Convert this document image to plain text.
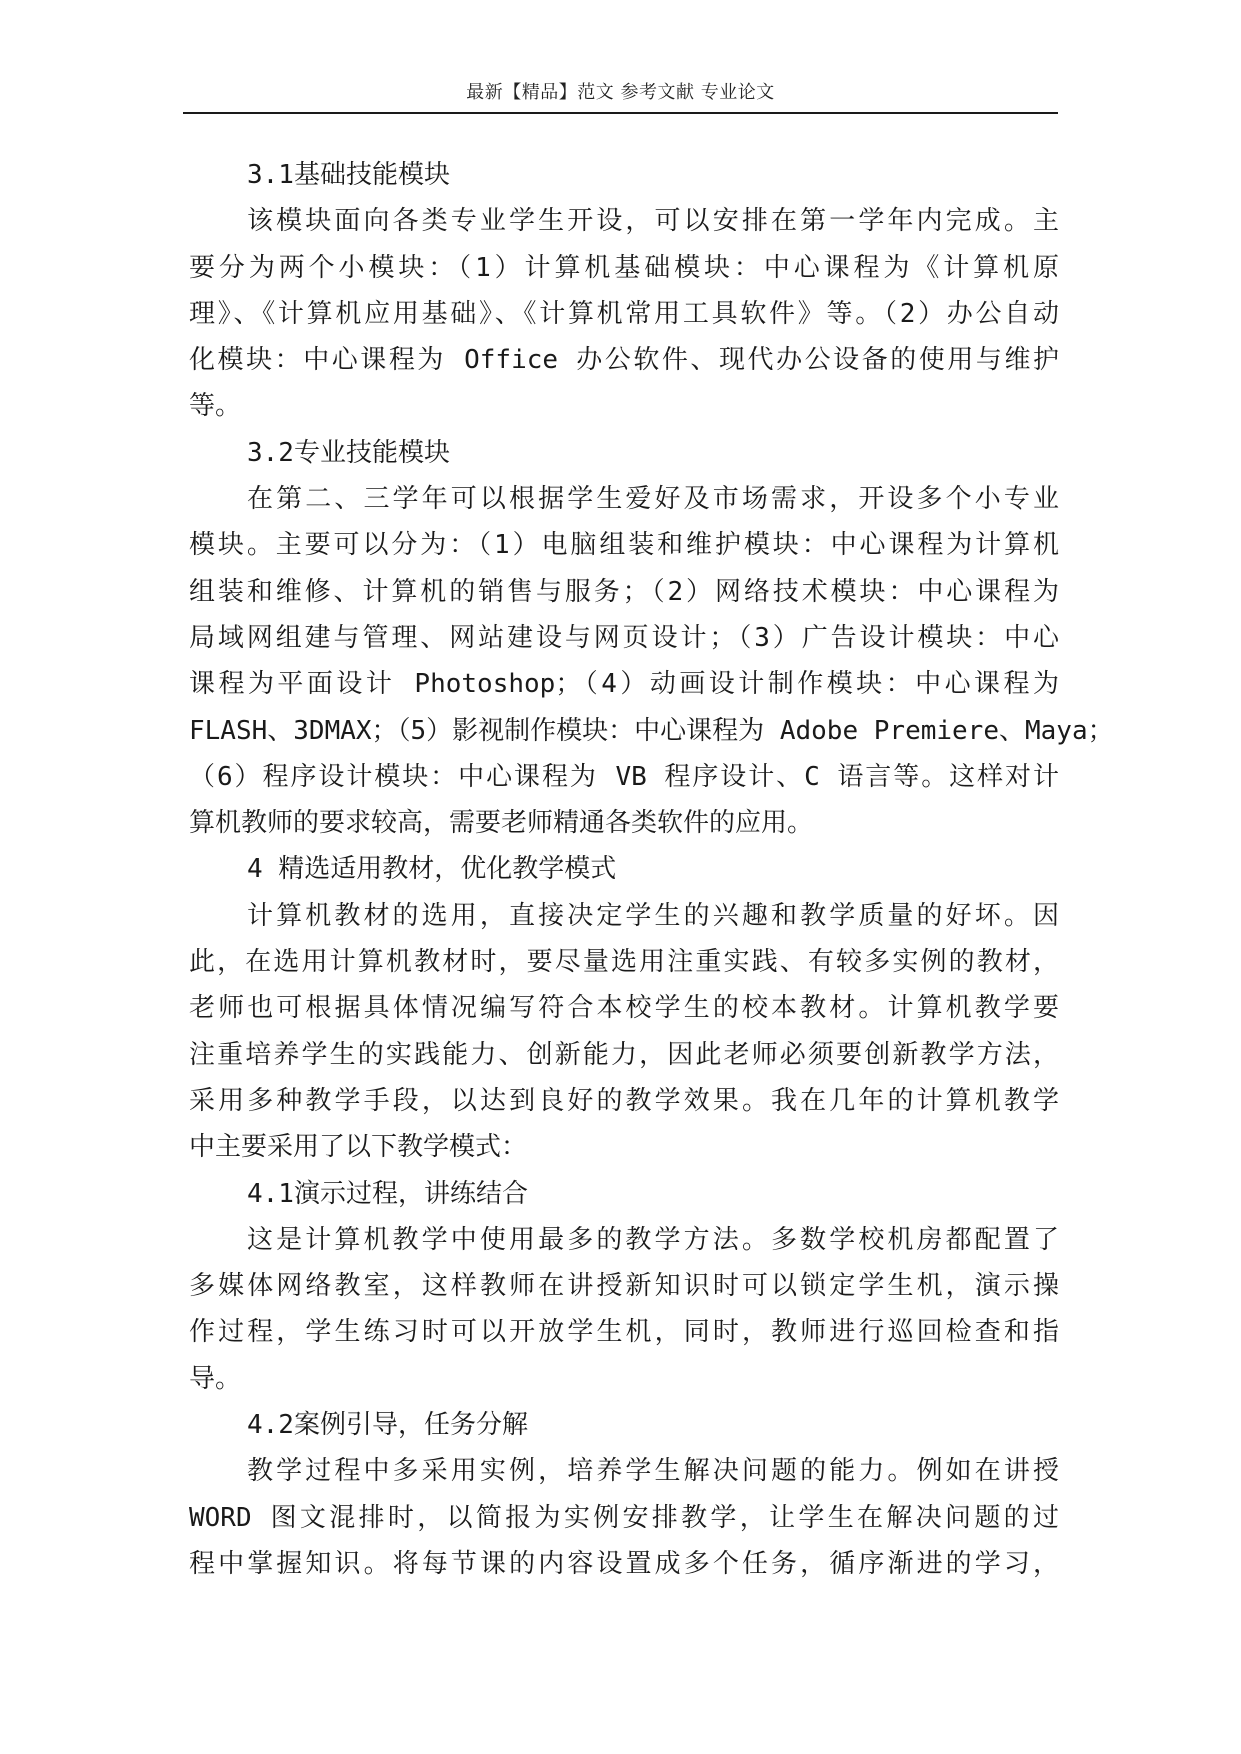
最新【精品】范文 参考文献 专业论文
3.1基础技能模块
该模块面向各类专业学生开设，可以安排在第一学年内完成。主
要分为两个小模块：（1）计算机基础模块：中心课程为《计算机原
理》、《计算机应用基础》、《计算机常用工具软件》等。（2）办公自动
化模块：中心课程为 Office 办公软件、现代办公设备的使用与维护
等。
3.2专业技能模块
在第二、三学年可以根据学生爱好及市场需求，开设多个小专业
模块。主要可以分为：（1）电脑组装和维护模块：中心课程为计算机
组装和维修、计算机的销售与服务；（2）网络技术模块：中心课程为
局域网组建与管理、网站建设与网页设计；（3）广告设计模块：中心
课程为平面设计 Photoshop；（4）动画设计制作模块：中心课程为
FLASH、3DMAX；（5）影视制作模块：中心课程为 Adobe Premiere、Maya；
（6）程序设计模块：中心课程为 VB 程序设计、C 语言等。这样对计
算机教师的要求较高，需要老师精通各类软件的应用。
4 精选适用教材，优化教学模式
计算机教材的选用，直接决定学生的兴趣和教学质量的好坏。因
此，在选用计算机教材时，要尽量选用注重实践、有较多实例的教材，
老师也可根据具体情况编写符合本校学生的校本教材。计算机教学要
注重培养学生的实践能力、创新能力，因此老师必须要创新教学方法，
采用多种教学手段，以达到良好的教学效果。我在几年的计算机教学
中主要采用了以下教学模式：
4.1演示过程，讲练结合
这是计算机教学中使用最多的教学方法。多数学校机房都配置了
多媒体网络教室，这样教师在讲授新知识时可以锁定学生机，演示操
作过程，学生练习时可以开放学生机，同时，教师进行巡回检查和指
导。
4.2案例引导，任务分解
教学过程中多采用实例，培养学生解决问题的能力。例如在讲授
WORD 图文混排时，以简报为实例安排教学，让学生在解决问题的过
程中掌握知识。将每节课的内容设置成多个任务，循序渐进的学习，
